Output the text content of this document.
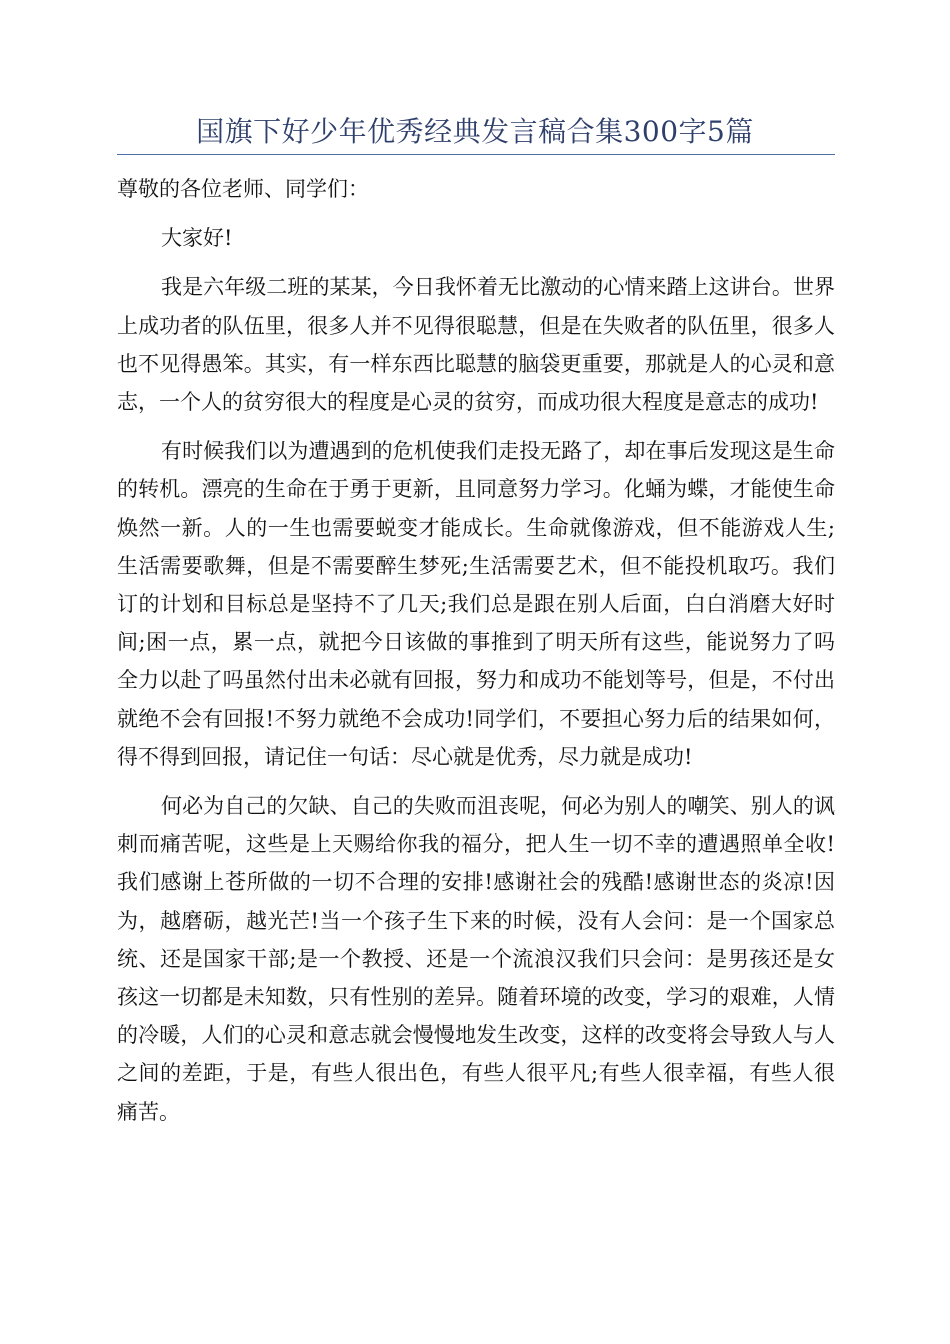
国旗下好少年优秀经典发言稿合集300字5篇

尊敬的各位老师、同学们：

大家好!

我是六年级二班的某某，今日我怀着无比激动的心情来踏上这讲台。世界上成功者的队伍里，很多人并不见得很聪慧，但是在失败者的队伍里，很多人也不见得愚笨。其实，有一样东西比聪慧的脑袋更重要，那就是人的心灵和意志，一个人的贫穷很大的程度是心灵的贫穷，而成功很大程度是意志的成功!

有时候我们以为遭遇到的危机使我们走投无路了，却在事后发现这是生命的转机。漂亮的生命在于勇于更新，且同意努力学习。化蛹为蝶，才能使生命焕然一新。人的一生也需要蜕变才能成长。生命就像游戏，但不能游戏人生;生活需要歌舞，但是不需要醉生梦死;生活需要艺术，但不能投机取巧。我们订的计划和目标总是坚持不了几天;我们总是跟在别人后面，白白消磨大好时间;困一点，累一点，就把今日该做的事推到了明天所有这些，能说努力了吗全力以赴了吗虽然付出未必就有回报，努力和成功不能划等号，但是，不付出就绝不会有回报!不努力就绝不会成功!同学们，不要担心努力后的结果如何，得不得到回报，请记住一句话：尽心就是优秀，尽力就是成功!

何必为自己的欠缺、自己的失败而沮丧呢，何必为别人的嘲笑、别人的讽刺而痛苦呢，这些是上天赐给你我的福分，把人生一切不幸的遭遇照单全收!我们感谢上苍所做的一切不合理的安排!感谢社会的残酷!感谢世态的炎凉!因为，越磨砺，越光芒!当一个孩子生下来的时候，没有人会问：是一个国家总统、还是国家干部;是一个教授、还是一个流浪汉我们只会问：是男孩还是女孩这一切都是未知数，只有性别的差异。随着环境的改变，学习的艰难，人情的冷暖，人们的心灵和意志就会慢慢地发生改变，这样的改变将会导致人与人之间的差距，于是，有些人很出色，有些人很平凡;有些人很幸福，有些人很痛苦。
